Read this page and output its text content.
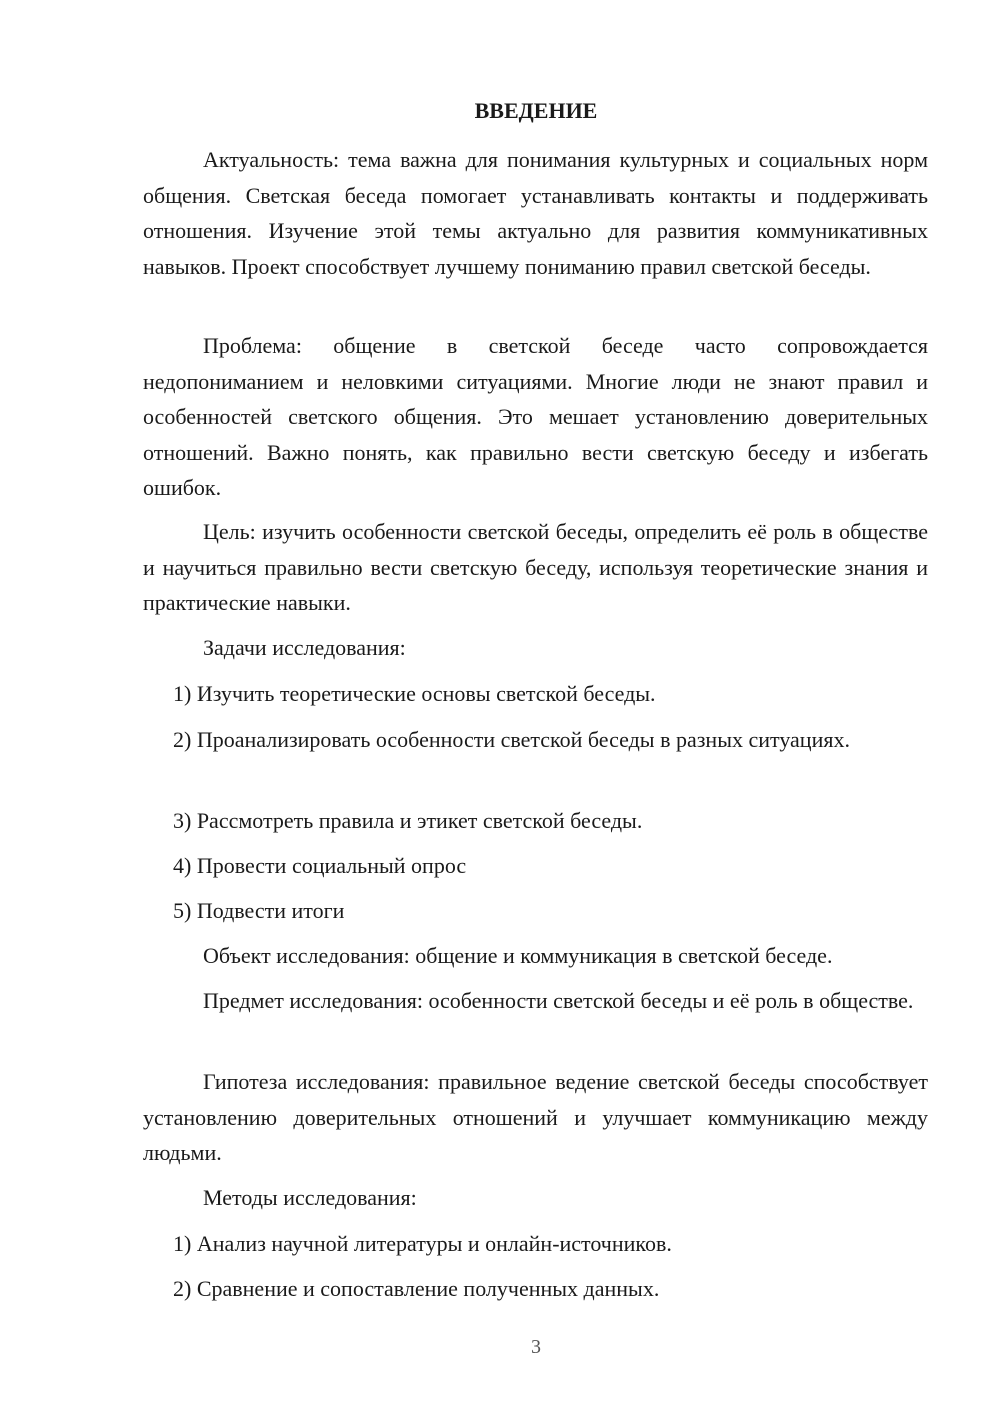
ВВЕДЕНИЕ

Актуальность: тема важна для понимания культурных и социальных норм общения. Светская беседа помогает устанавливать контакты и поддерживать отношения. Изучение этой темы актуально для развития коммуникативных навыков. Проект способствует лучшему пониманию правил светской беседы.

Проблема: общение в светской беседе часто сопровождается недопониманием и неловкими ситуациями. Многие люди не знают правил и особенностей светского общения. Это мешает установлению доверительных отношений. Важно понять, как правильно вести светскую беседу и избегать ошибок.

Цель: изучить особенности светской беседы, определить её роль в обществе и научиться правильно вести светскую беседу, используя теоретические знания и практические навыки.

Задачи исследования:

1) Изучить теоретические основы светской беседы.

2) Проанализировать особенности светской беседы в разных ситуациях.

3) Рассмотреть правила и этикет светской беседы.

4) Провести социальный опрос

5) Подвести итоги

Объект исследования: общение и коммуникация в светской беседе.

Предмет исследования: особенности светской беседы и её роль в обществе.

Гипотеза исследования: правильное ведение светской беседы способствует установлению доверительных отношений и улучшает коммуникацию между людьми.

Методы исследования:

1) Анализ научной литературы и онлайн-источников.

2) Сравнение и сопоставление полученных данных.

3
